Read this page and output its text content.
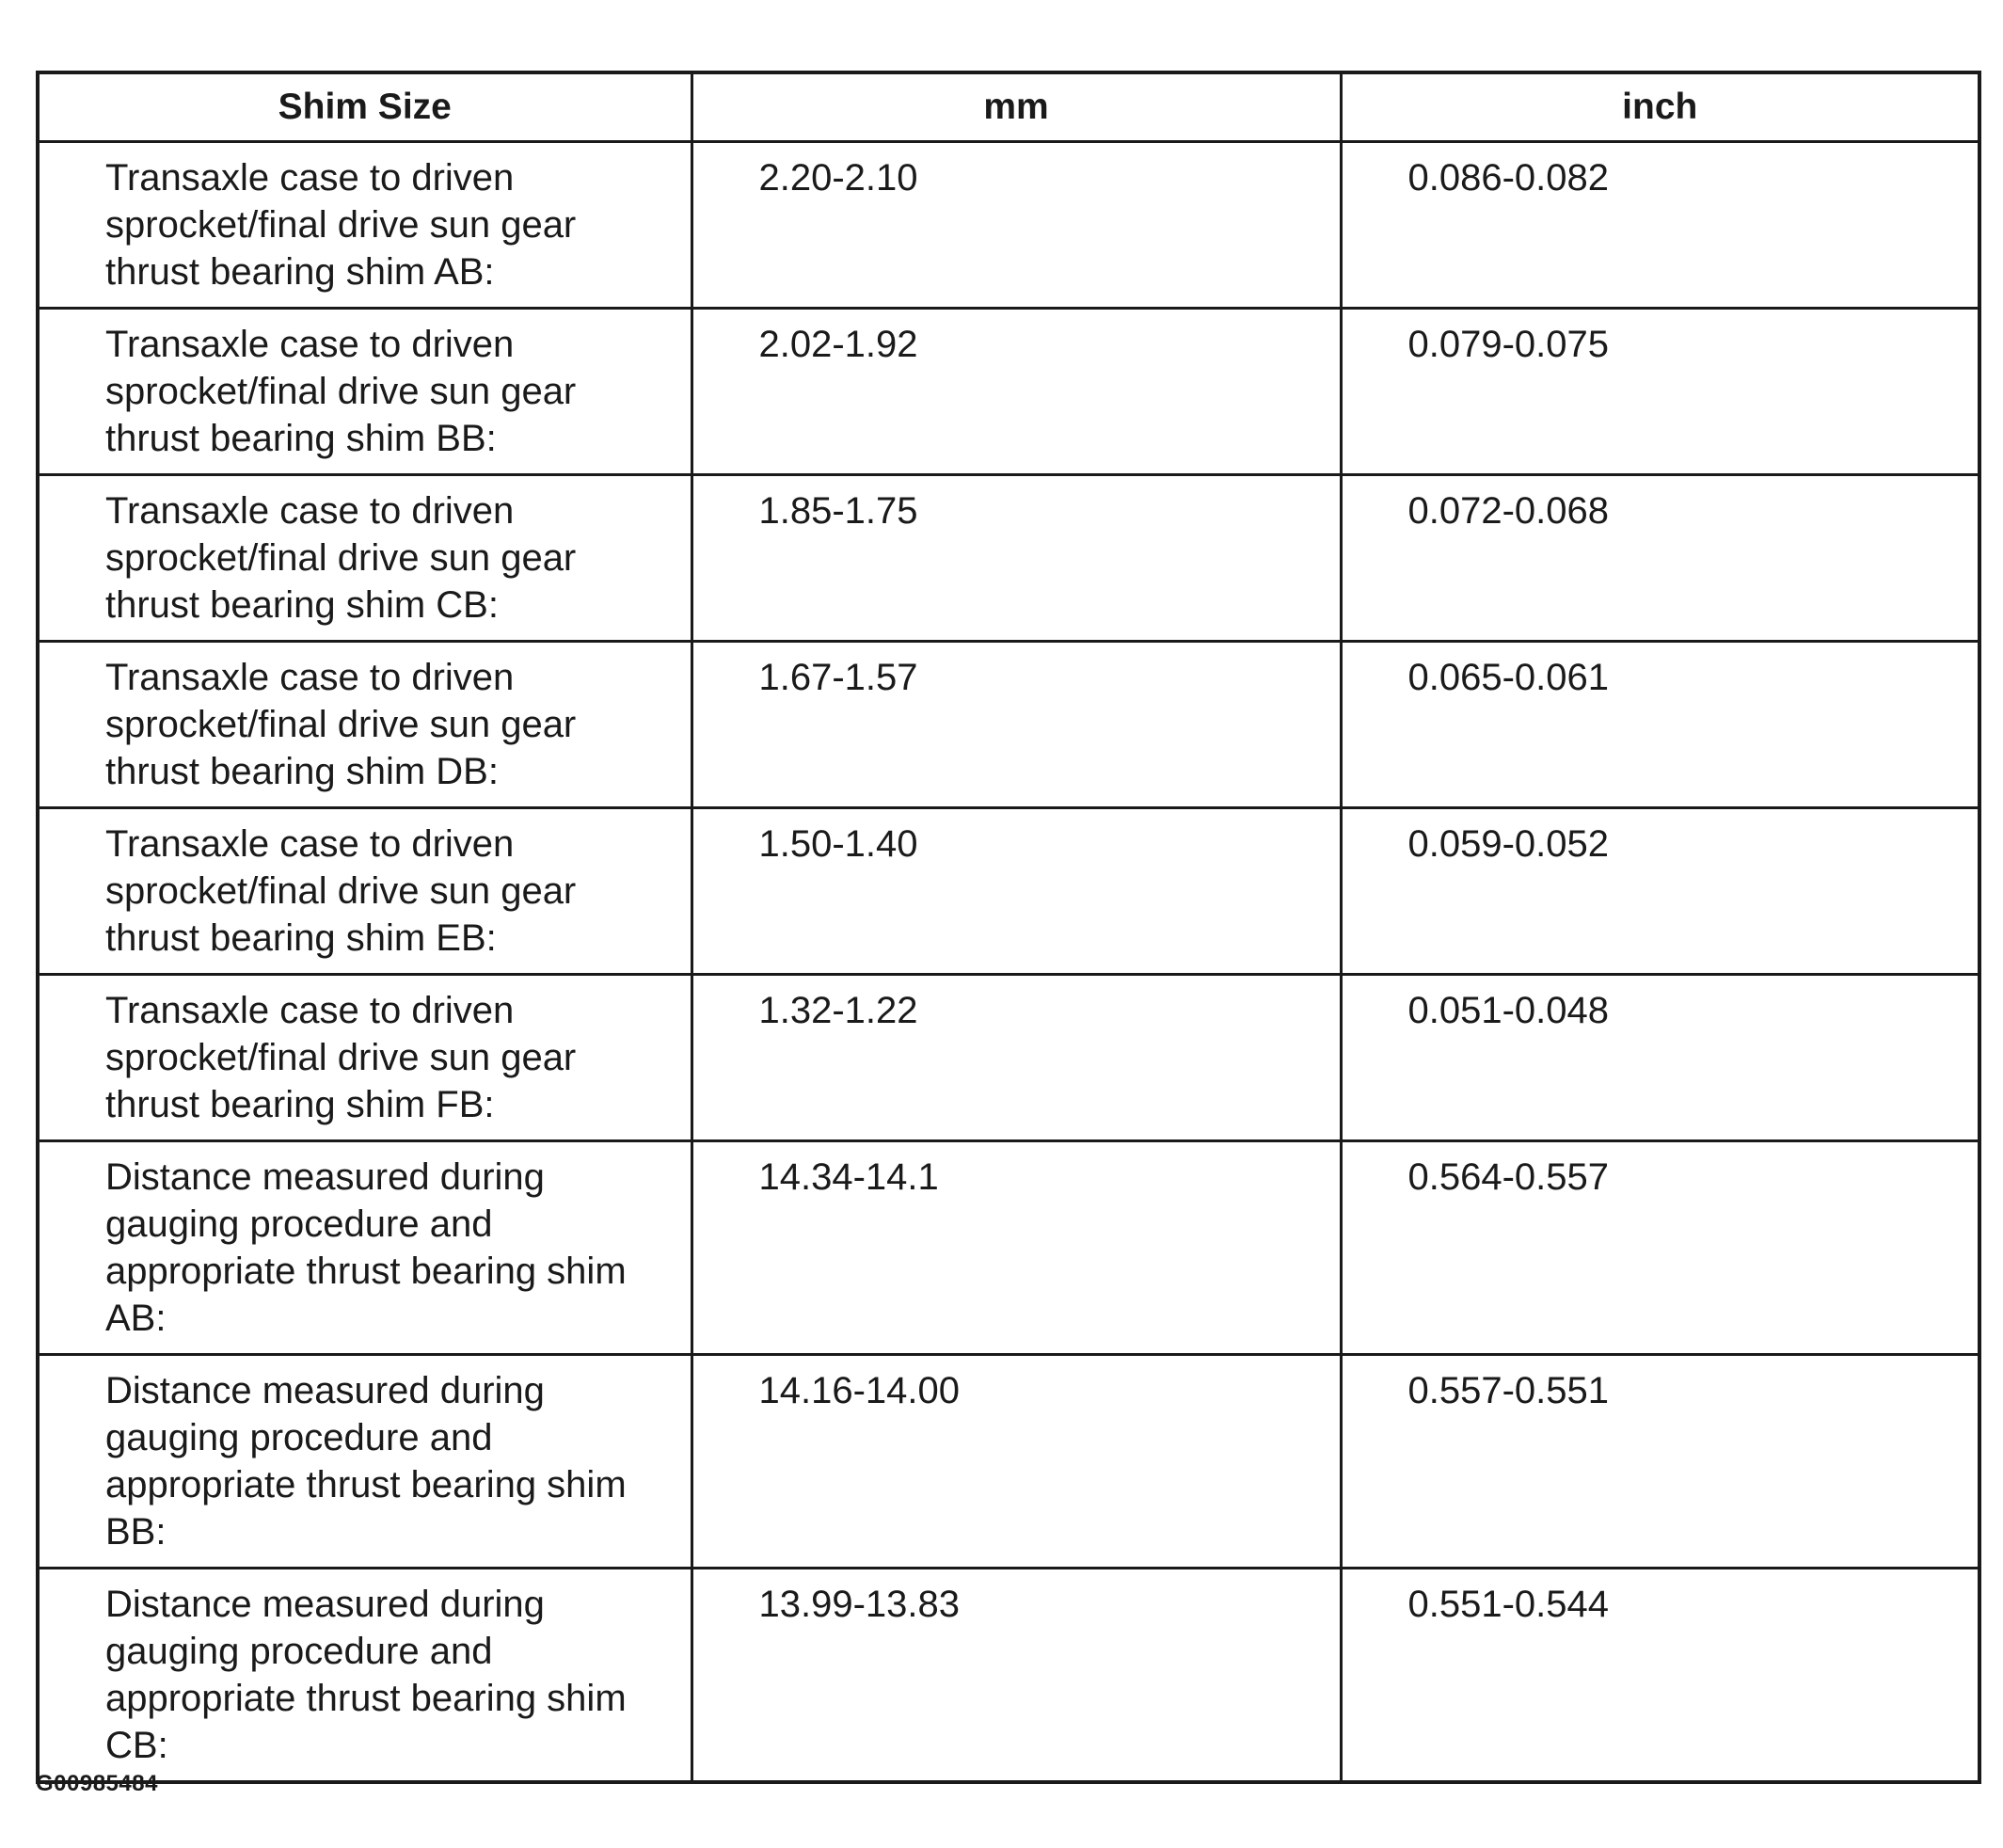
Shim Size	mm	inch
Transaxle case to driven sprocket/final drive sun gear thrust bearing shim AB:	2.20-2.10	0.086-0.082
Transaxle case to driven sprocket/final drive sun gear thrust bearing shim BB:	2.02-1.92	0.079-0.075
Transaxle case to driven sprocket/final drive sun gear thrust bearing shim CB:	1.85-1.75	0.072-0.068
Transaxle case to driven sprocket/final drive sun gear thrust bearing shim DB:	1.67-1.57	0.065-0.061
Transaxle case to driven sprocket/final drive sun gear thrust bearing shim EB:	1.50-1.40	0.059-0.052
Transaxle case to driven sprocket/final drive sun gear thrust bearing shim FB:	1.32-1.22	0.051-0.048
Distance measured during gauging procedure and appropriate thrust bearing shim AB:	14.34-14.1	0.564-0.557
Distance measured during gauging procedure and appropriate thrust bearing shim BB:	14.16-14.00	0.557-0.551
Distance measured during gauging procedure and appropriate thrust bearing shim CB:	13.99-13.83	0.551-0.544
G00985484
